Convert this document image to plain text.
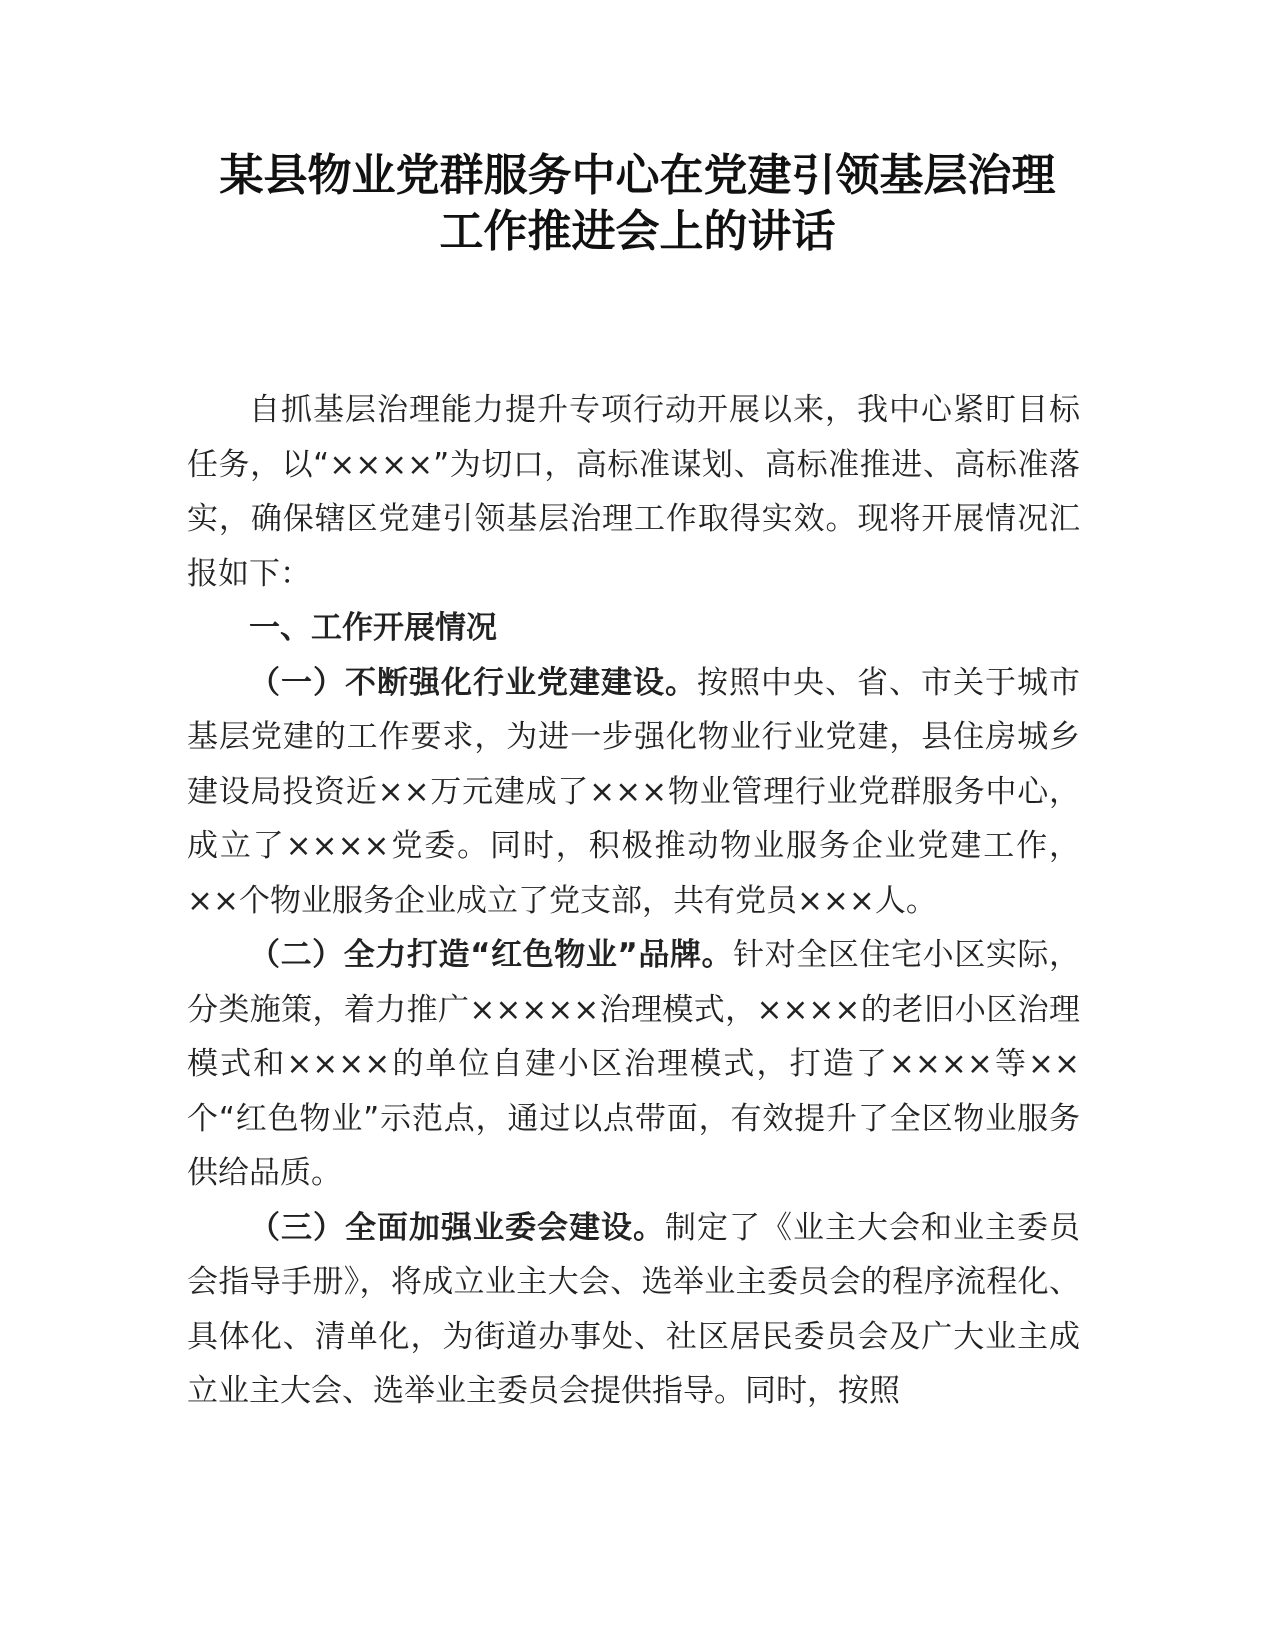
某县物业党群服务中心在党建引领基层治理
工作推进会上的讲话

自抓基层治理能力提升专项行动开展以来，我中心紧盯目标任务，以“××××”为切口，高标准谋划、高标准推进、高标准落实，确保辖区党建引领基层治理工作取得实效。现将开展情况汇报如下：

一、工作开展情况

（一）不断强化行业党建建设。按照中央、省、市关于城市基层党建的工作要求，为进一步强化物业行业党建，县住房城乡建设局投资近××万元建成了×××物业管理行业党群服务中心，成立了××××党委。同时，积极推动物业服务企业党建工作，××个物业服务企业成立了党支部，共有党员×××人。

（二）全力打造“红色物业”品牌。针对全区住宅小区实际，分类施策，着力推广×××××治理模式，××××的老旧小区治理模式和××××的单位自建小区治理模式，打造了××××等××个“红色物业”示范点，通过以点带面，有效提升了全区物业服务供给品质。

（三）全面加强业委会建设。制定了《业主大会和业主委员会指导手册》，将成立业主大会、选举业主委员会的程序流程化、具体化、清单化，为街道办事处、社区居民委员会及广大业主成立业主大会、选举业主委员会提供指导。同时，按照
